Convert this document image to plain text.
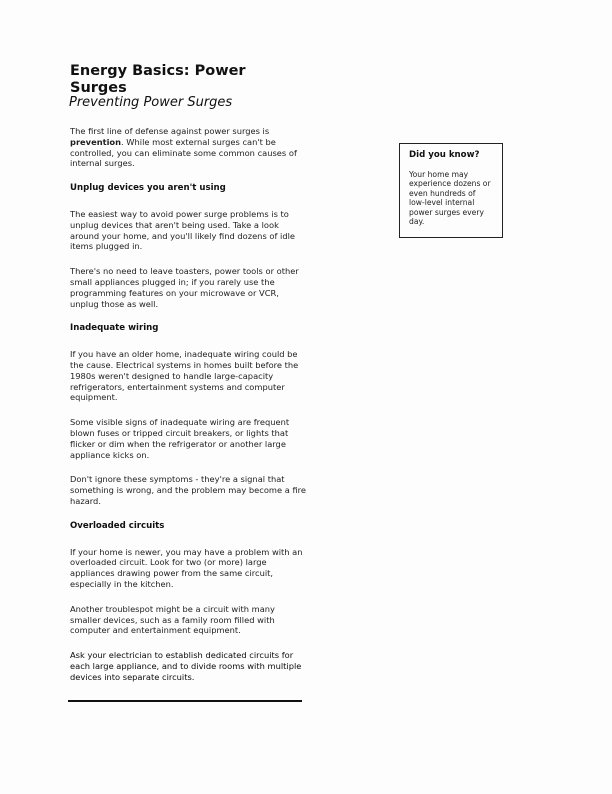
Energy Basics: Power Surges
Preventing Power Surges

The first line of defense against power surges is prevention. While most external surges can't be controlled, you can eliminate some common causes of internal surges.

Unplug devices you aren't using

The easiest way to avoid power surge problems is to unplug devices that aren't being used. Take a look around your home, and you'll likely find dozens of idle items plugged in.

There's no need to leave toasters, power tools or other small appliances plugged in; if you rarely use the programming features on your microwave or VCR, unplug those as well.

Inadequate wiring

If you have an older home, inadequate wiring could be the cause. Electrical systems in homes built before the 1980s weren't designed to handle large-capacity refrigerators, entertainment systems and computer equipment.

Some visible signs of inadequate wiring are frequent blown fuses or tripped circuit breakers, or lights that flicker or dim when the refrigerator or another large appliance kicks on.

Don't ignore these symptoms - they're a signal that something is wrong, and the problem may become a fire hazard.

Overloaded circuits

If your home is newer, you may have a problem with an overloaded circuit. Look for two (or more) large appliances drawing power from the same circuit, especially in the kitchen.

Another troublespot might be a circuit with many smaller devices, such as a family room filled with computer and entertainment equipment.

Ask your electrician to establish dedicated circuits for each large appliance, and to divide rooms with multiple devices into separate circuits.

Did you know?

Your home may experience dozens or even hundreds of low-level internal power surges every day.
